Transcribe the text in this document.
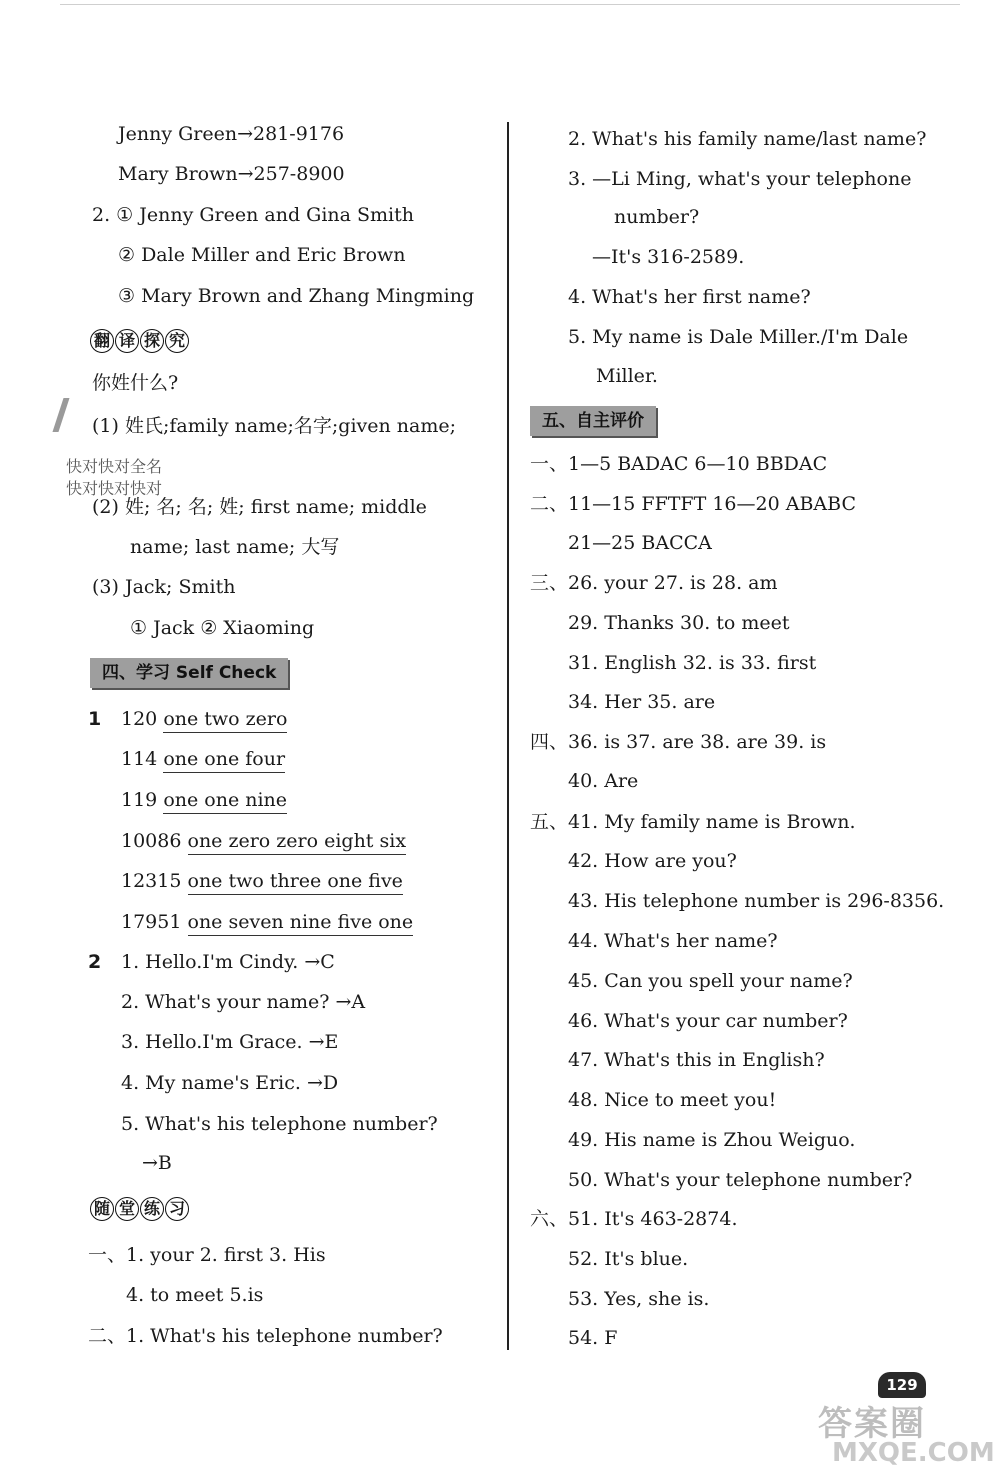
Jenny Green→281-9176
Mary Brown→257-8900
2. ① Jenny Green and Gina Smith
② Dale Miller and Eric Brown
③ Mary Brown and Zhang Mingming
翻 译 探 究
你姓什么?
(1) 姓氏;family name;名字;given name;
快对快对全名
快对快对快对
(2) 姓; 名; 名; 姓; first name; middle
name; last name; 大写
(3) Jack; Smith
① Jack ② Xiaoming
四、学习 Self Check
1 120 one two zero
114 one one four
119 one one nine
10086 one zero zero eight six
12315 one two three one five
17951 one seven nine five one
2 1. Hello.I'm Cindy. →C
2. What's your name? →A
3. Hello.I'm Grace. →E
4. My name's Eric. →D
5. What's his telephone number?
→B
随 堂 练 习
一、1. your 2. first 3. His
4. to meet 5.is
二、1. What's his telephone number?
2. What's his family name/last name?
3. —Li Ming, what's your telephone
number?
—It's 316-2589.
4. What's her first name?
5. My name is Dale Miller./I'm Dale
Miller.
五、自主评价
一、1—5 BADAC 6—10 BBDAC
二、11—15 FFTFT 16—20 ABABC
21—25 BACCA
三、26. your 27. is 28. am
29. Thanks 30. to meet
31. English 32. is 33. first
34. Her 35. are
四、36. is 37. are 38. are 39. is
40. Are
五、41. My family name is Brown.
42. How are you?
43. His telephone number is 296-8356.
44. What's her name?
45. Can you spell your name?
46. What's your car number?
47. What's this in English?
48. Nice to meet you!
49. His name is Zhou Weiguo.
50. What's your telephone number?
六、51. It's 463-2874.
52. It's blue.
53. Yes, she is.
54. F
129
答案圈
MXQE.COM
